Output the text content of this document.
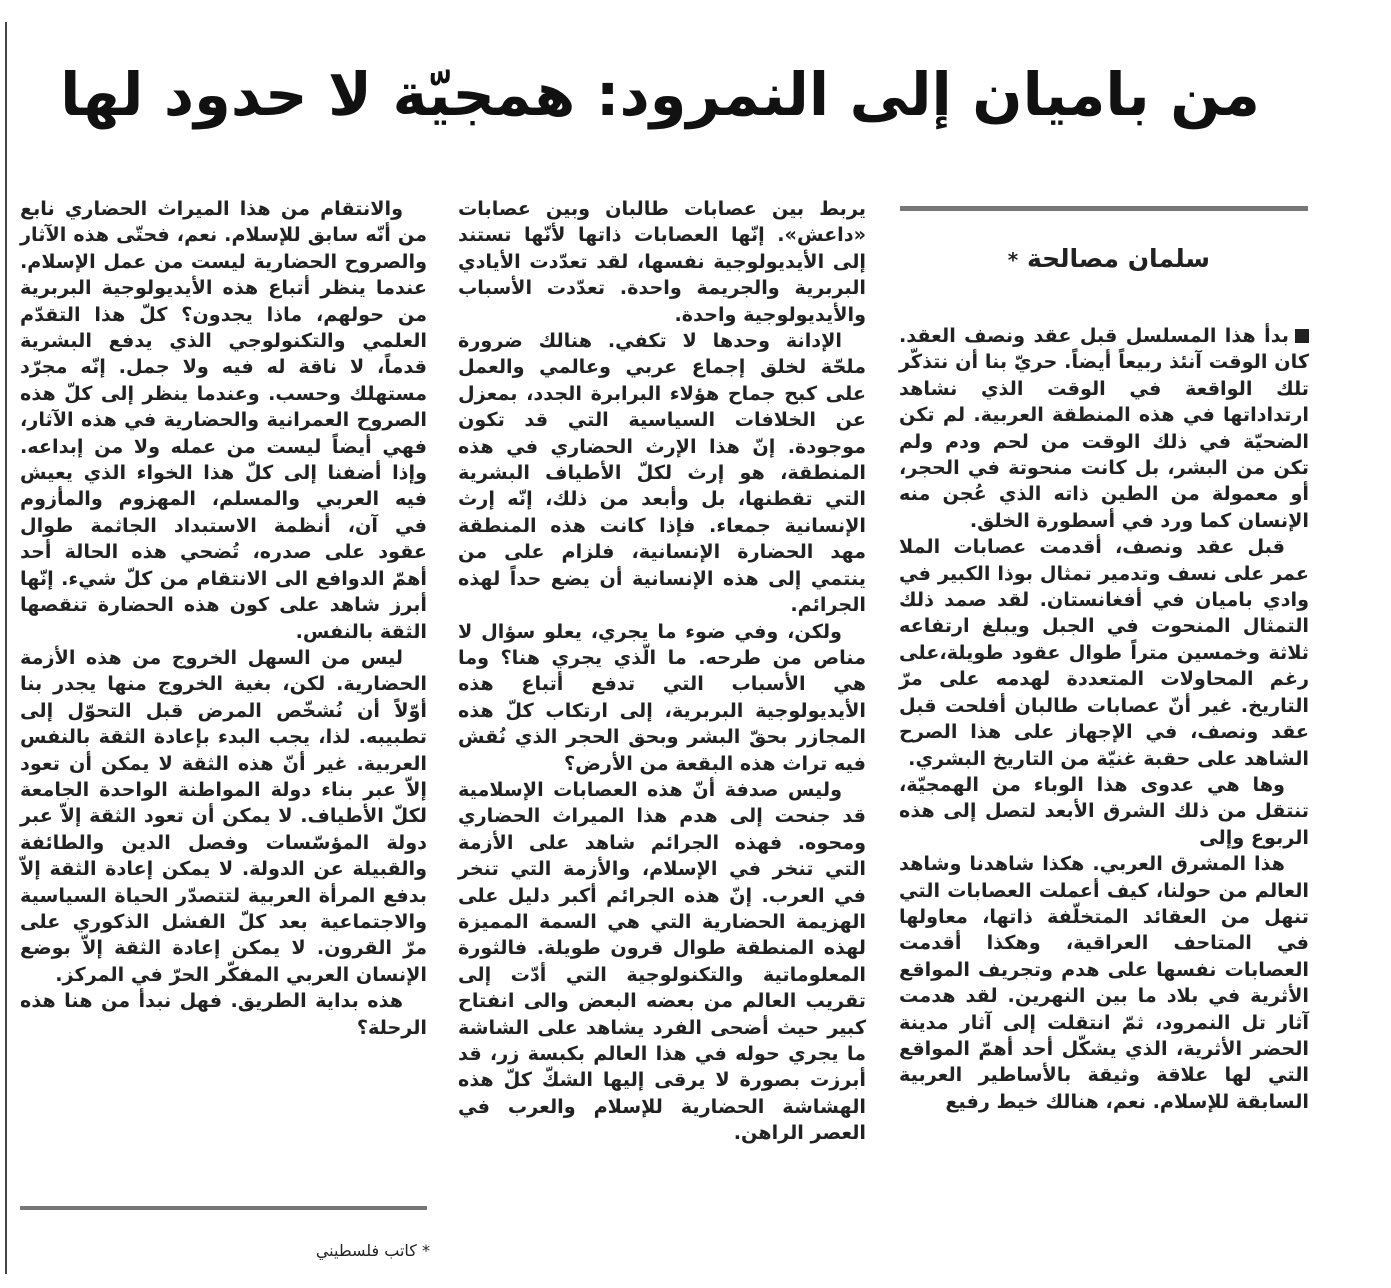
من باميان إلى النمرود: همجيّة لا حدود لها
سلمان مصالحة *

بدأ هذا المسلسل قبل عقد ونصف العقد. كان الوقت آنئذ ربيعاً أيضاً. حريّ بنا أن نتذكّر تلك الواقعة في الوقت الذي نشاهد ارتداداتها في هذه المنطقة العربية. لم تكن الضحيّة في ذلك الوقت من لحم ودم ولم تكن من البشر، بل كانت منحوتة في الحجر، أو معمولة من الطين ذاته الذي عُجن منه الإنسان كما ورد في أسطورة الخلق.

قبل عقد ونصف، أقدمت عصابات الملا عمر على نسف وتدمير تمثال بوذا الكبير في وادي باميان في أفغانستان. لقد صمد ذلك التمثال المنحوت في الجبل ويبلغ ارتفاعه ثلاثة وخمسين متراً طوال عقود طويلة،على رغم المحاولات المتعددة لهدمه على مرّ التاريخ. غير أنّ عصابات طالبان أفلحت قبل عقد ونصف، في الإجهاز على هذا الصرح الشاهد على حقبة غنيّة من التاريخ البشري.

وها هي عدوى هذا الوباء من الهمجيّة، تنتقل من ذلك الشرق الأبعد لتصل إلى هذه الربوع وإلى

هذا المشرق العربي. هكذا شاهدنا وشاهد العالم من حولنا، كيف أعملت العصابات التي تنهل من العقائد المتخلّفة ذاتها، معاولها في المتاحف العراقية، وهكذا أقدمت العصابات نفسها على هدم وتجريف المواقع الأثرية في بلاد ما بين النهرين. لقد هدمت آثار تل النمرود، ثمّ انتقلت إلى آثار مدينة الحضر الأثرية، الذي يشكّل أحد أهمّ المواقع التي لها علاقة وثيقة بالأساطير العربية السابقة للإسلام. نعم، هنالك خيط رفيع

يربط بين عصابات طالبان وبين عصابات «داعش». إنّها العصابات ذاتها لأنّها تستند إلى الأيديولوجية نفسها، لقد تعدّدت الأيادي البربرية والجريمة واحدة. تعدّدت الأسباب والأيديولوجية واحدة.

الإدانة وحدها لا تكفي. هنالك ضرورة ملحّة لخلق إجماع عربي وعالمي والعمل على كبح جماح هؤلاء البرابرة الجدد، بمعزل عن الخلافات السياسية التي قد تكون موجودة. إنّ هذا الإرث الحضاري في هذه المنطقة، هو إرث لكلّ الأطياف البشرية التي تقطنها، بل وأبعد من ذلك، إنّه إرث الإنسانية جمعاء. فإذا كانت هذه المنطقة مهد الحضارة الإنسانية، فلزام على من ينتمي إلى هذه الإنسانية أن يضع حداً لهذه الجرائم.

ولكن، وفي ضوء ما يجري، يعلو سؤال لا مناص من طرحه. ما الّذي يجري هنا؟ وما هي الأسباب التي تدفع أتباع هذه الأيديولوجية البربرية، إلى ارتكاب كلّ هذه المجازر بحقّ البشر وبحق الحجر الذي نُقش فيه تراث هذه البقعة من الأرض؟

وليس صدفة أنّ هذه العصابات الإسلامية قد جنحت إلى هدم هذا الميراث الحضاري ومحوه. فهذه الجرائم شاهد على الأزمة التي تنخر في الإسلام، والأزمة التي تنخر في العرب. إنّ هذه الجرائم أكبر دليل على الهزيمة الحضارية التي هي السمة المميزة لهذه المنطقة طوال قرون طويلة. فالثورة المعلوماتية والتكنولوجية التي أدّت إلى تقريب العالم من بعضه البعض والى انفتاح كبير حيث أضحى الفرد يشاهد على الشاشة ما يجري حوله في هذا العالم بكبسة زر، قد أبرزت بصورة لا يرقى إليها الشكّ كلّ هذه الهشاشة الحضارية للإسلام والعرب في العصر الراهن.

والانتقام من هذا الميراث الحضاري نابع من أنّه سابق للإسلام. نعم، فحتّى هذه الآثار والصروح الحضارية ليست من عمل الإسلام. عندما ينظر أتباع هذه الأيديولوجية البربرية من حولهم، ماذا يجدون؟ كلّ هذا التقدّم العلمي والتكنولوجي الذي يدفع البشرية قدماً، لا ناقة له فيه ولا جمل. إنّه مجرّد مستهلك وحسب. وعندما ينظر إلى كلّ هذه الصروح العمرانية والحضارية في هذه الآثار، فهي أيضاً ليست من عمله ولا من إبداعه. وإذا أضفنا إلى كلّ هذا الخواء الذي يعيش فيه العربي والمسلم، المهزوم والمأزوم في آن، أنظمة الاستبداد الجاثمة طوال عقود على صدره، تُضحي هذه الحالة أحد أهمّ الدوافع الى الانتقام من كلّ شيء. إنّها أبرز شاهد على كون هذه الحضارة تنقصها الثقة بالنفس.

ليس من السهل الخروج من هذه الأزمة الحضارية. لكن، بغية الخروج منها يجدر بنا أوّلاً أن نُشخّص المرض قبل التحوّل إلى تطبيبه. لذا، يجب البدء بإعادة الثقة بالنفس العربية. غير أنّ هذه الثقة لا يمكن أن تعود إلاّ عبر بناء دولة المواطنة الواحدة الجامعة لكلّ الأطياف. لا يمكن أن تعود الثقة إلاّ عبر دولة المؤسّسات وفصل الدين والطائفة والقبيلة عن الدولة. لا يمكن إعادة الثقة إلاّ بدفع المرأة العربية لتتصدّر الحياة السياسية والاجتماعية بعد كلّ الفشل الذكوري على مرّ القرون. لا يمكن إعادة الثقة إلاّ بوضع الإنسان العربي المفكّر الحرّ في المركز.

هذه بداية الطريق. فهل نبدأ من هنا هذه الرحلة؟

* كاتب فلسطيني
